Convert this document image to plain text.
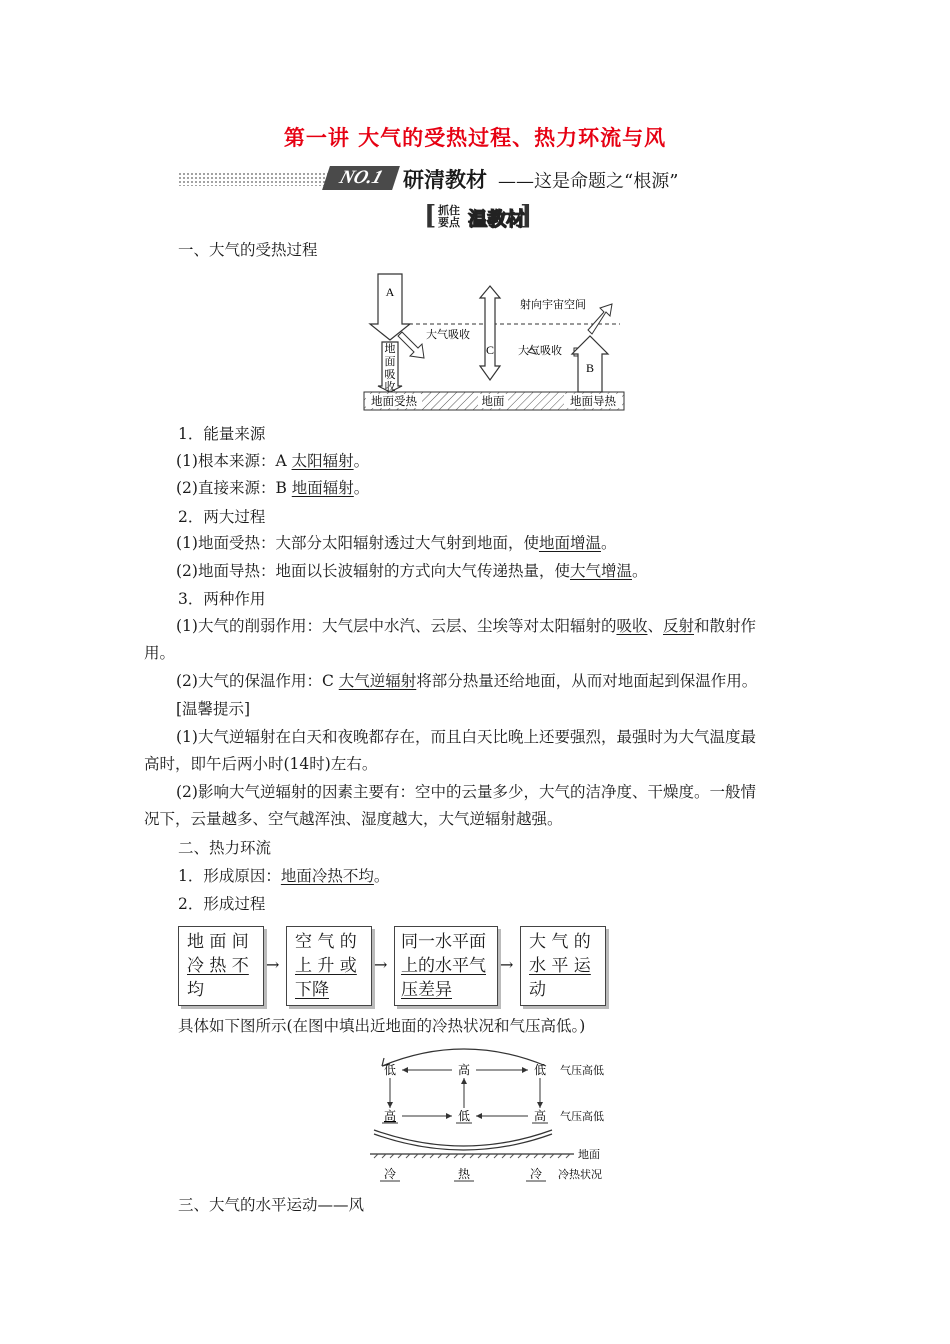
第一讲 大气的受热过程、热力环流与风
NO.1 研清教材 ——这是命题之“根源”
[ 抓住
要点 温教材
]
一、大气的受热过程
A
地
面
吸
收
大气吸收
C
射向宇宙空间
大气吸收
B
地面受热	地面	地面导热
1．能量来源
(1)根本来源：A 太阳辐射。
(2)直接来源：B 地面辐射。
2．两大过程
(1)地面受热：大部分太阳辐射透过大气射到地面，使地面增温。
(2)地面导热：地面以长波辐射的方式向大气传递热量，使大气增温。
3．两种作用
(1)大气的削弱作用：大气层中水汽、云层、尘埃等对太阳辐射的吸收、反射和散射作
用。
(2)大气的保温作用：C 大气逆辐射将部分热量还给地面，从而对地面起到保温作用。
[温馨提示]
(1)大气逆辐射在白天和夜晚都存在，而且白天比晚上还要强烈，最强时为大气温度最
高时，即午后两小时(14时)左右。
(2)影响大气逆辐射的因素主要有：空中的云量多少，大气的洁净度、干燥度。一般情
况下，云量越多、空气越浑浊、湿度越大，大气逆辐射越强。
二、热力环流
1．形成原因：地面冷热不均。
2．形成过程
地 面 间
冷 热 不
均
→
空 气 的
上 升 或
下降
→
同一水平面
上的水平气
压差异
→
大 气 的
水 平 运
动
具体如下图所示(在图中填出近地面的冷热状况和气压高低。)
低	高	低 气压高低
高	低	高 气压高低
地面
冷	热	冷 冷热状况
三、大气的水平运动——风
